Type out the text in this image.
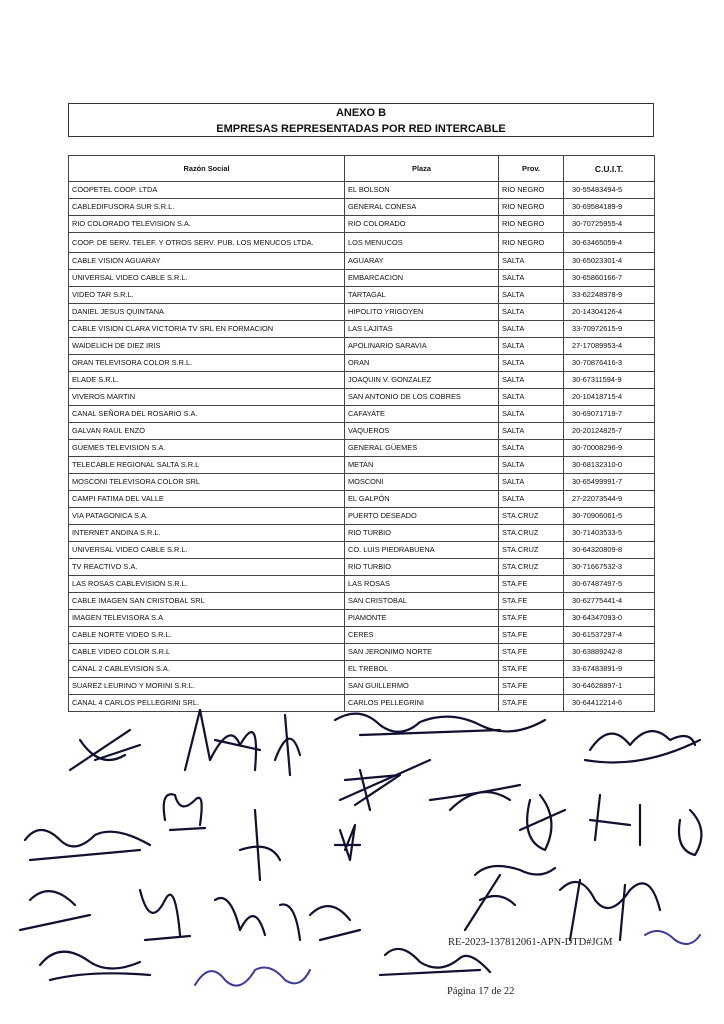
ANEXO B
EMPRESAS REPRESENTADAS POR RED INTERCABLE
Razón Social	Plaza	Prov.	C.U.I.T.
COOPETEL COOP. LTDA	EL BOLSON	RIO NEGRO	30-55483494-5
CABLEDIFUSORA SUR S.R.L.	GENERAL CONESA	RIO NEGRO	30-69584189-9
RIO COLORADO TELEVISION S.A.	RIO COLORADO	RIO NEGRO	30-70725955-4
COOP. DE SERV. TELEF. Y OTROS SERV. PUB. LOS MENUCOS LTDA.	LOS MENUCOS	RIO NEGRO	30-63465059-4
CABLE VISION AGUARAY	AGUARAY	SALTA	30-65023301-4
UNIVERSAL VIDEO CABLE S.R.L.	EMBARCACION	SALTA	30-65860166-7
VIDEO TAR S.R.L.	TARTAGAL	SALTA	33-62248978-9
DANIEL JESUS QUINTANA	HIPOLITO YRIGOYEN	SALTA	20-14304126-4
CABLE VISION CLARA VICTORIA TV SRL EN FORMACION	LAS LAJITAS	SALTA	33-70972615-9
WAIDELICH DE DIEZ IRIS	APOLINARIO SARAVIA	SALTA	27-17089953-4
ORAN TELEVISORA COLOR S.R.L.	ORAN	SALTA	30-70876416-3
ELADE S.R.L.	JOAQUIN V. GONZALEZ	SALTA	30-67311594-9
VIVEROS MARTIN	SAN ANTONIO DE LOS COBRES	SALTA	20-10418715-4
CANAL SEÑORA DEL ROSARIO S.A.	CAFAYATE	SALTA	30-69071719-7
GALVAN RAUL ENZO	VAQUEROS	SALTA	20-20124825-7
GÜEMES TELEVISION S.A.	GENERAL GÜEMES	SALTA	30-70008296-9
TELECABLE REGIONAL SALTA S.R.L	METAN	SALTA	30-68132310-0
MOSCONI TELEVISORA COLOR SRL	MOSCONI	SALTA	30-65499991-7
CAMPI FATIMA DEL VALLE	EL GALPÓN	SALTA	27-22073544-9
VIA PATAGONICA S.A.	PUERTO DESEADO	STA.CRUZ	30-70906061-5
INTERNET ANDINA S.R.L.	RIO TURBIO	STA.CRUZ	30-71403533-5
UNIVERSAL VIDEO CABLE S.R.L.	CO. LUIS PIEDRABUENA	STA.CRUZ	30-64320809-8
TV REACTIVO S.A.	RIO TURBIO	STA.CRUZ	30-71667532-3
LAS ROSAS CABLEVISION S.R.L.	LAS ROSAS	STA.FE	30-67487497-5
CABLE IMAGEN SAN CRISTOBAL SRL	SAN CRISTOBAL	STA.FE	30-62775441-4
IMAGEN TELEVISORA S.A	PIAMONTE	STA.FE	30-64347093-0
CABLE NORTE VIDEO S.R.L.	CERES	STA.FE	30-61537297-4
CABLE VIDEO COLOR S.R.L	SAN JERONIMO NORTE	STA.FE	30-63889242-8
CANAL 2 CABLEVISION S.A.	EL TREBOL	STA.FE	33-67483891-9
SUAREZ LEURINO Y MORINI S.R.L.	SAN GUILLERMO	STA.FE	30-64628897-1
CANAL 4 CARLOS PELLEGRINI SRL.	CARLOS PELLEGRINI	STA.FE	30-64412214-6
RE-2023-137812061-APN-DTD#JGM
Página 17 de 22
